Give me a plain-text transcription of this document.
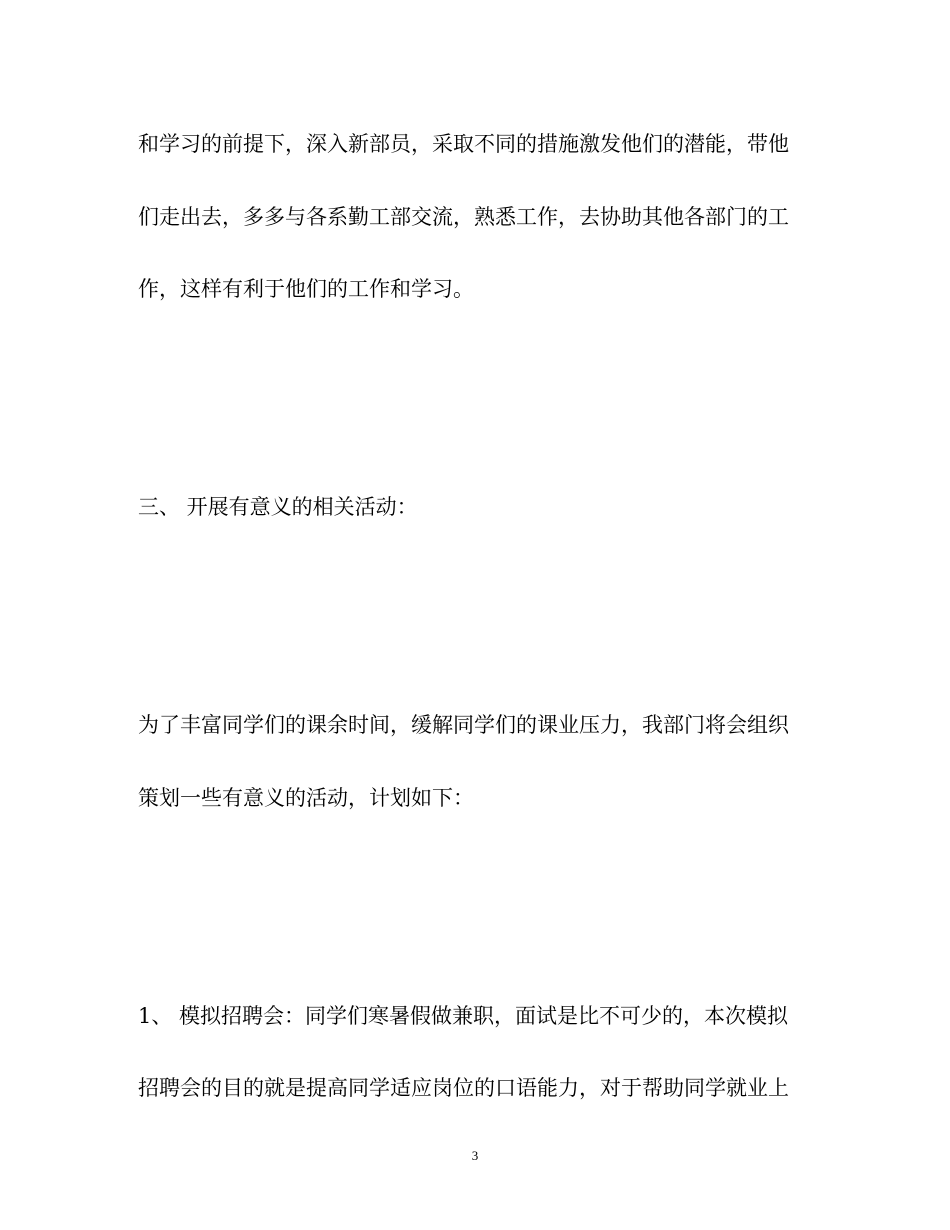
和学习的前提下，深入新部员，采取不同的措施激发他们的潜能，带他
们走出去，多多与各系勤工部交流，熟悉工作，去协助其他各部门的工
作，这样有利于他们的工作和学习。
三、 开展有意义的相关活动：
为了丰富同学们的课余时间，缓解同学们的课业压力，我部门将会组织
策划一些有意义的活动，计划如下：
1、 模拟招聘会：同学们寒暑假做兼职，面试是比不可少的，本次模拟
招聘会的目的就是提高同学适应岗位的口语能力，对于帮助同学就业上
3
